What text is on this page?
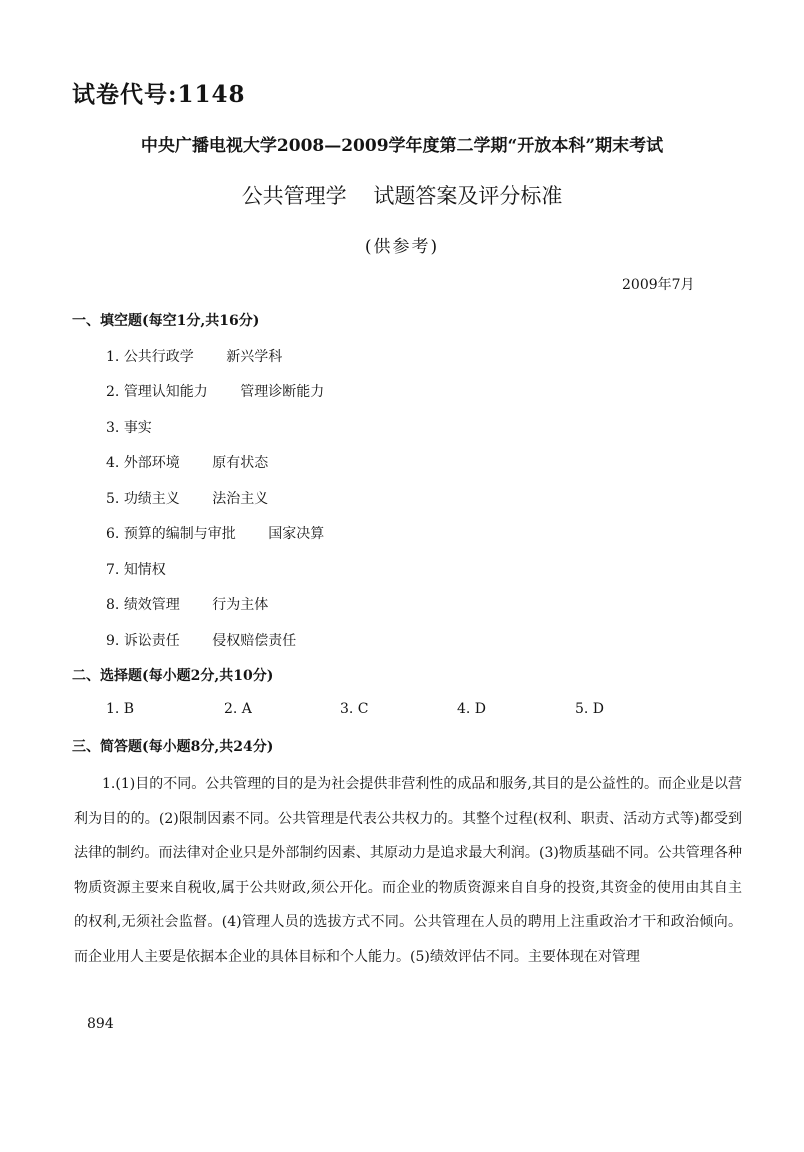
试卷代号:1148
中央广播电视大学2008—2009学年度第二学期“开放本科”期末考试
公共管理学    试题答案及评分标准
(供参考)
2009年7月
一、填空题(每空1分,共16分)
1. 公共行政学 新兴学科
2. 管理认知能力 管理诊断能力
3. 事实
4. 外部环境 原有状态
5. 功绩主义 法治主义
6. 预算的编制与审批 国家决算
7. 知情权
8. 绩效管理 行为主体
9. 诉讼责任 侵权赔偿责任
二、选择题(每小题2分,共10分)
1. B	2. A	3. C	4. D	5. D
三、简答题(每小题8分,共24分)
1.(1)目的不同。公共管理的目的是为社会提供非营利性的成品和服务,其目的是公益性的。而企业是以营利为目的的。(2)限制因素不同。公共管理是代表公共权力的。其整个过程(权利、职责、活动方式等)都受到法律的制约。而法律对企业只是外部制约因素、其原动力是追求最大利润。(3)物质基础不同。公共管理各种物质资源主要来自税收,属于公共财政,须公开化。而企业的物质资源来自自身的投资,其资金的使用由其自主的权利,无须社会监督。(4)管理人员的选拔方式不同。公共管理在人员的聘用上注重政治才干和政治倾向。而企业用人主要是依据本企业的具体目标和个人能力。(5)绩效评估不同。主要体现在对管理
894
